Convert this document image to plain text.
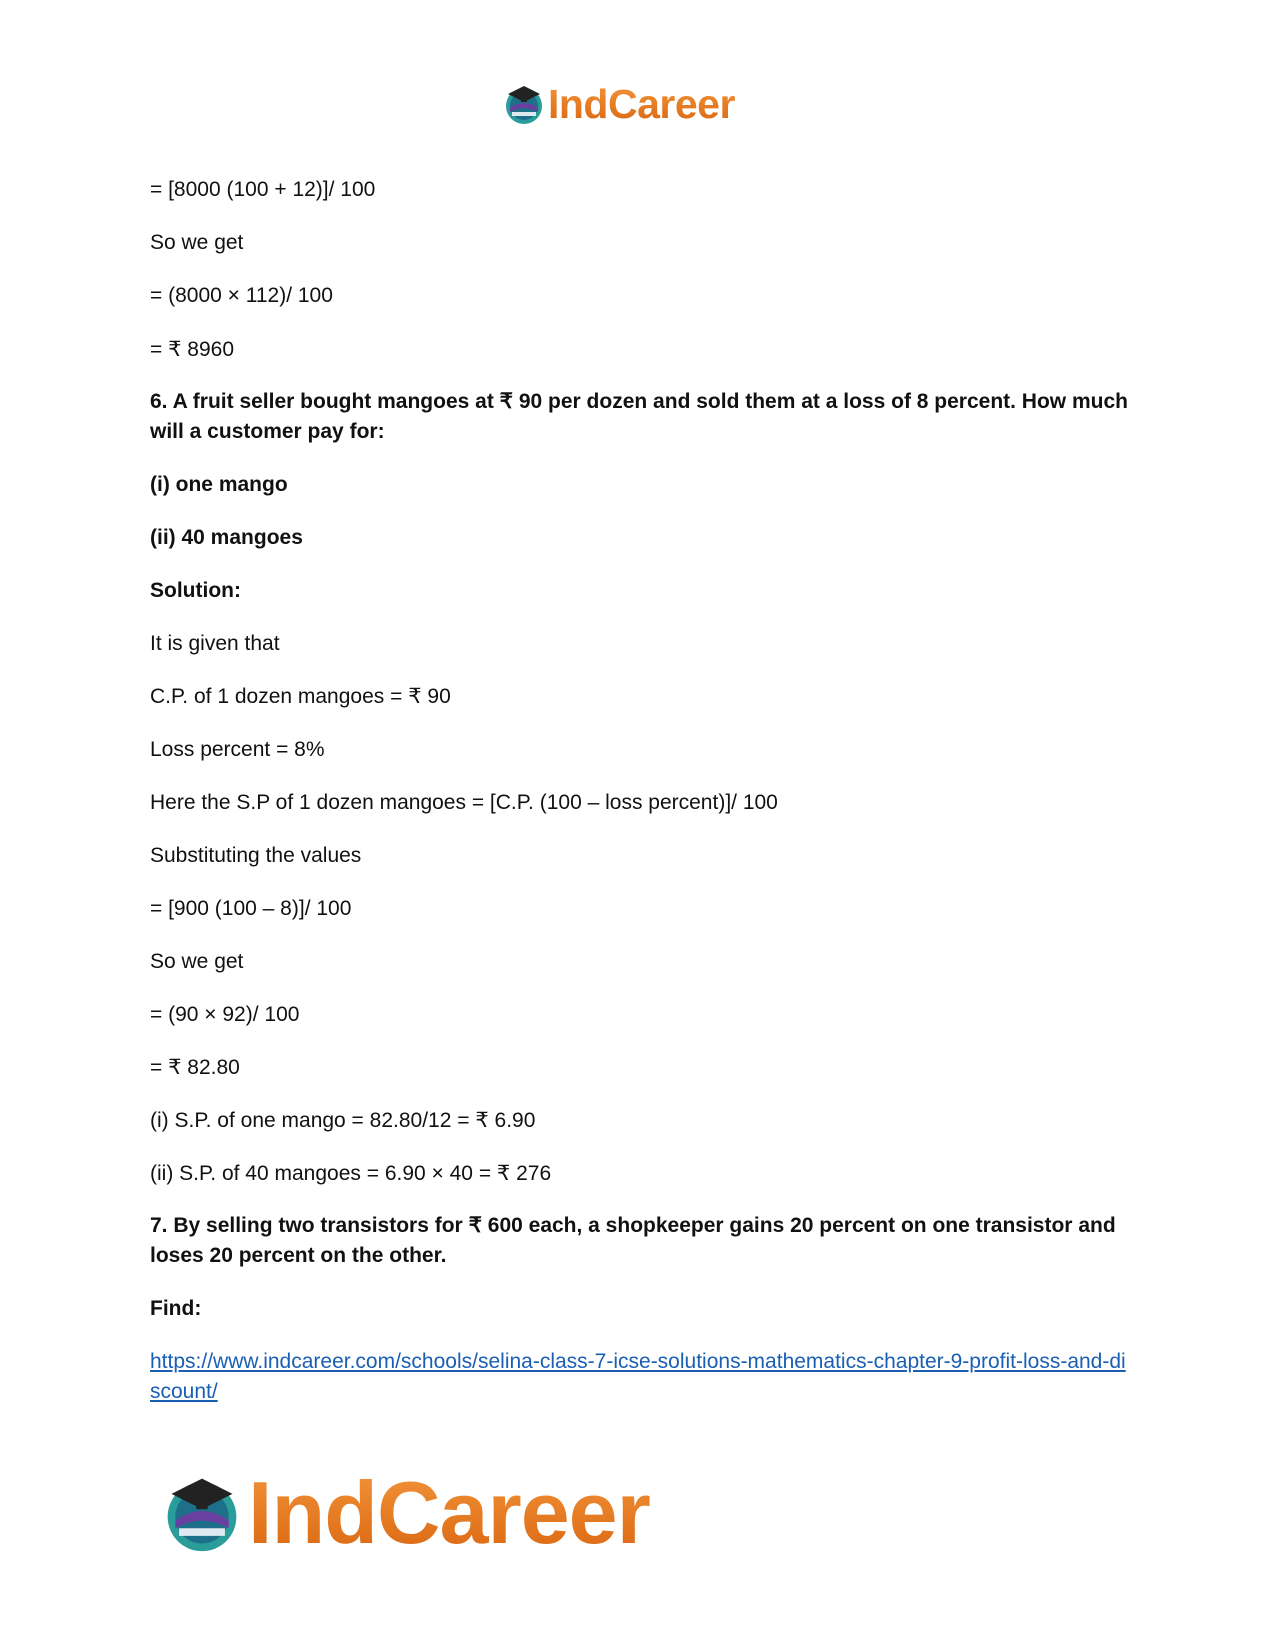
IndCareer

= [8000 (100 + 12)]/ 100

So we get

= (8000 × 112)/ 100

= ₹ 8960

6. A fruit seller bought mangoes at ₹ 90 per dozen and sold them at a loss of 8 percent. How much will a customer pay for:

(i) one mango

(ii) 40 mangoes

Solution:

It is given that

C.P. of 1 dozen mangoes = ₹ 90

Loss percent = 8%

Here the S.P of 1 dozen mangoes = [C.P. (100 – loss percent)]/ 100

Substituting the values

= [900 (100 – 8)]/ 100

So we get

= (90 × 92)/ 100

= ₹ 82.80

(i) S.P. of one mango = 82.80/12 = ₹ 6.90

(ii) S.P. of 40 mangoes = 6.90 × 40 = ₹ 276

7. By selling two transistors for ₹ 600 each, a shopkeeper gains 20 percent on one transistor and loses 20 percent on the other.

Find:

https://www.indcareer.com/schools/selina-class-7-icse-solutions-mathematics-chapter-9-profit-loss-and-discount/
IndCareer
